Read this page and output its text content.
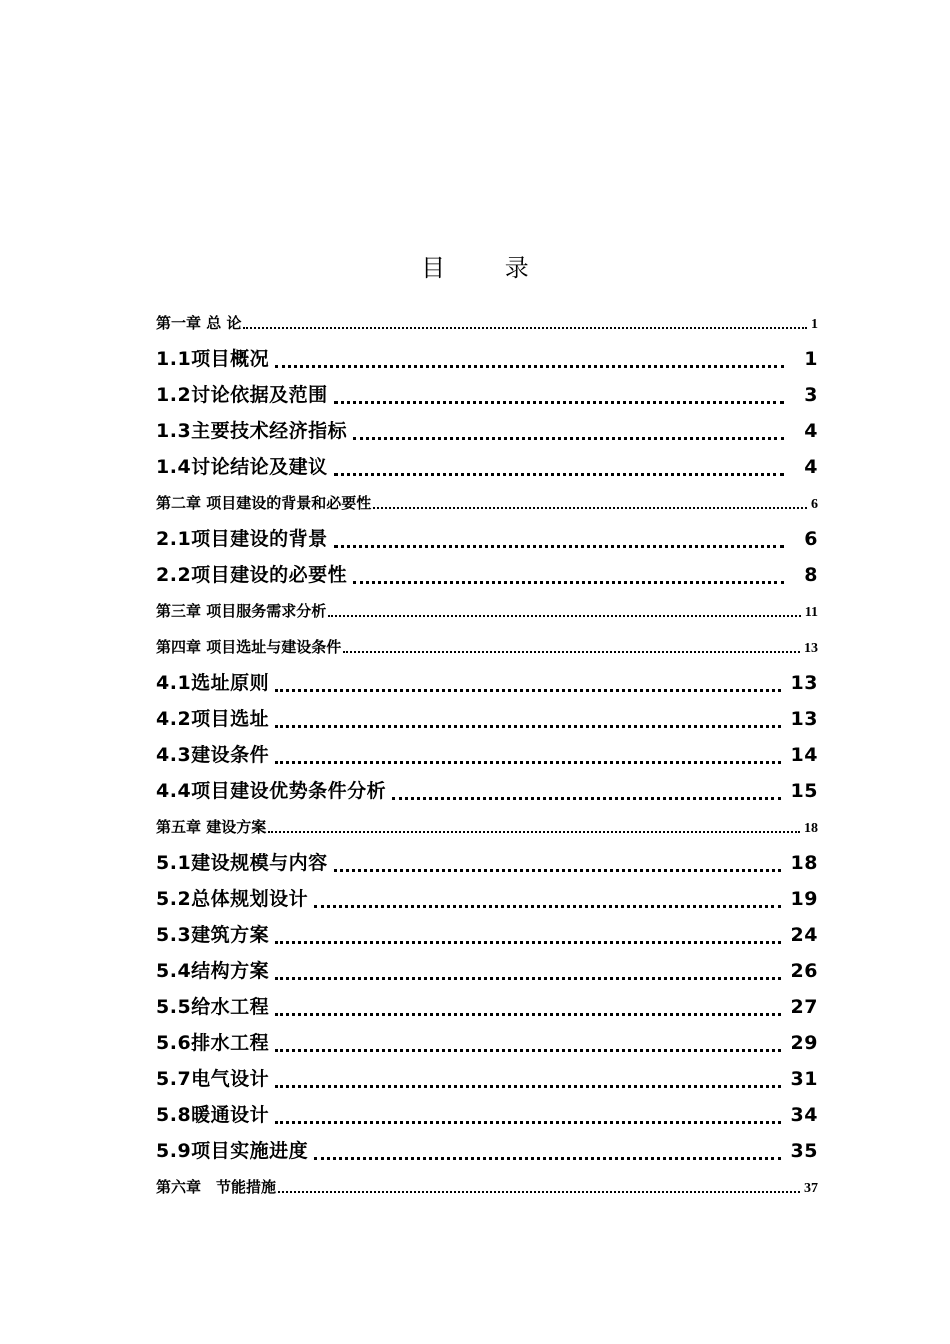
目 录
第一章 总 论	1
1.1项目概况	1
1.2讨论依据及范围	3
1.3主要技术经济指标	4
1.4讨论结论及建议	4
第二章 项目建设的背景和必要性	6
2.1项目建设的背景	6
2.2项目建设的必要性	8
第三章 项目服务需求分析	11
第四章 项目选址与建设条件	13
4.1选址原则	13
4.2项目选址	13
4.3建设条件	14
4.4项目建设优势条件分析	15
第五章 建设方案	18
5.1建设规模与内容	18
5.2总体规划设计	19
5.3建筑方案	24
5.4结构方案	26
5.5给水工程	27
5.6排水工程	29
5.7电气设计	31
5.8暖通设计	34
5.9项目实施进度	35
第六章　节能措施	37
